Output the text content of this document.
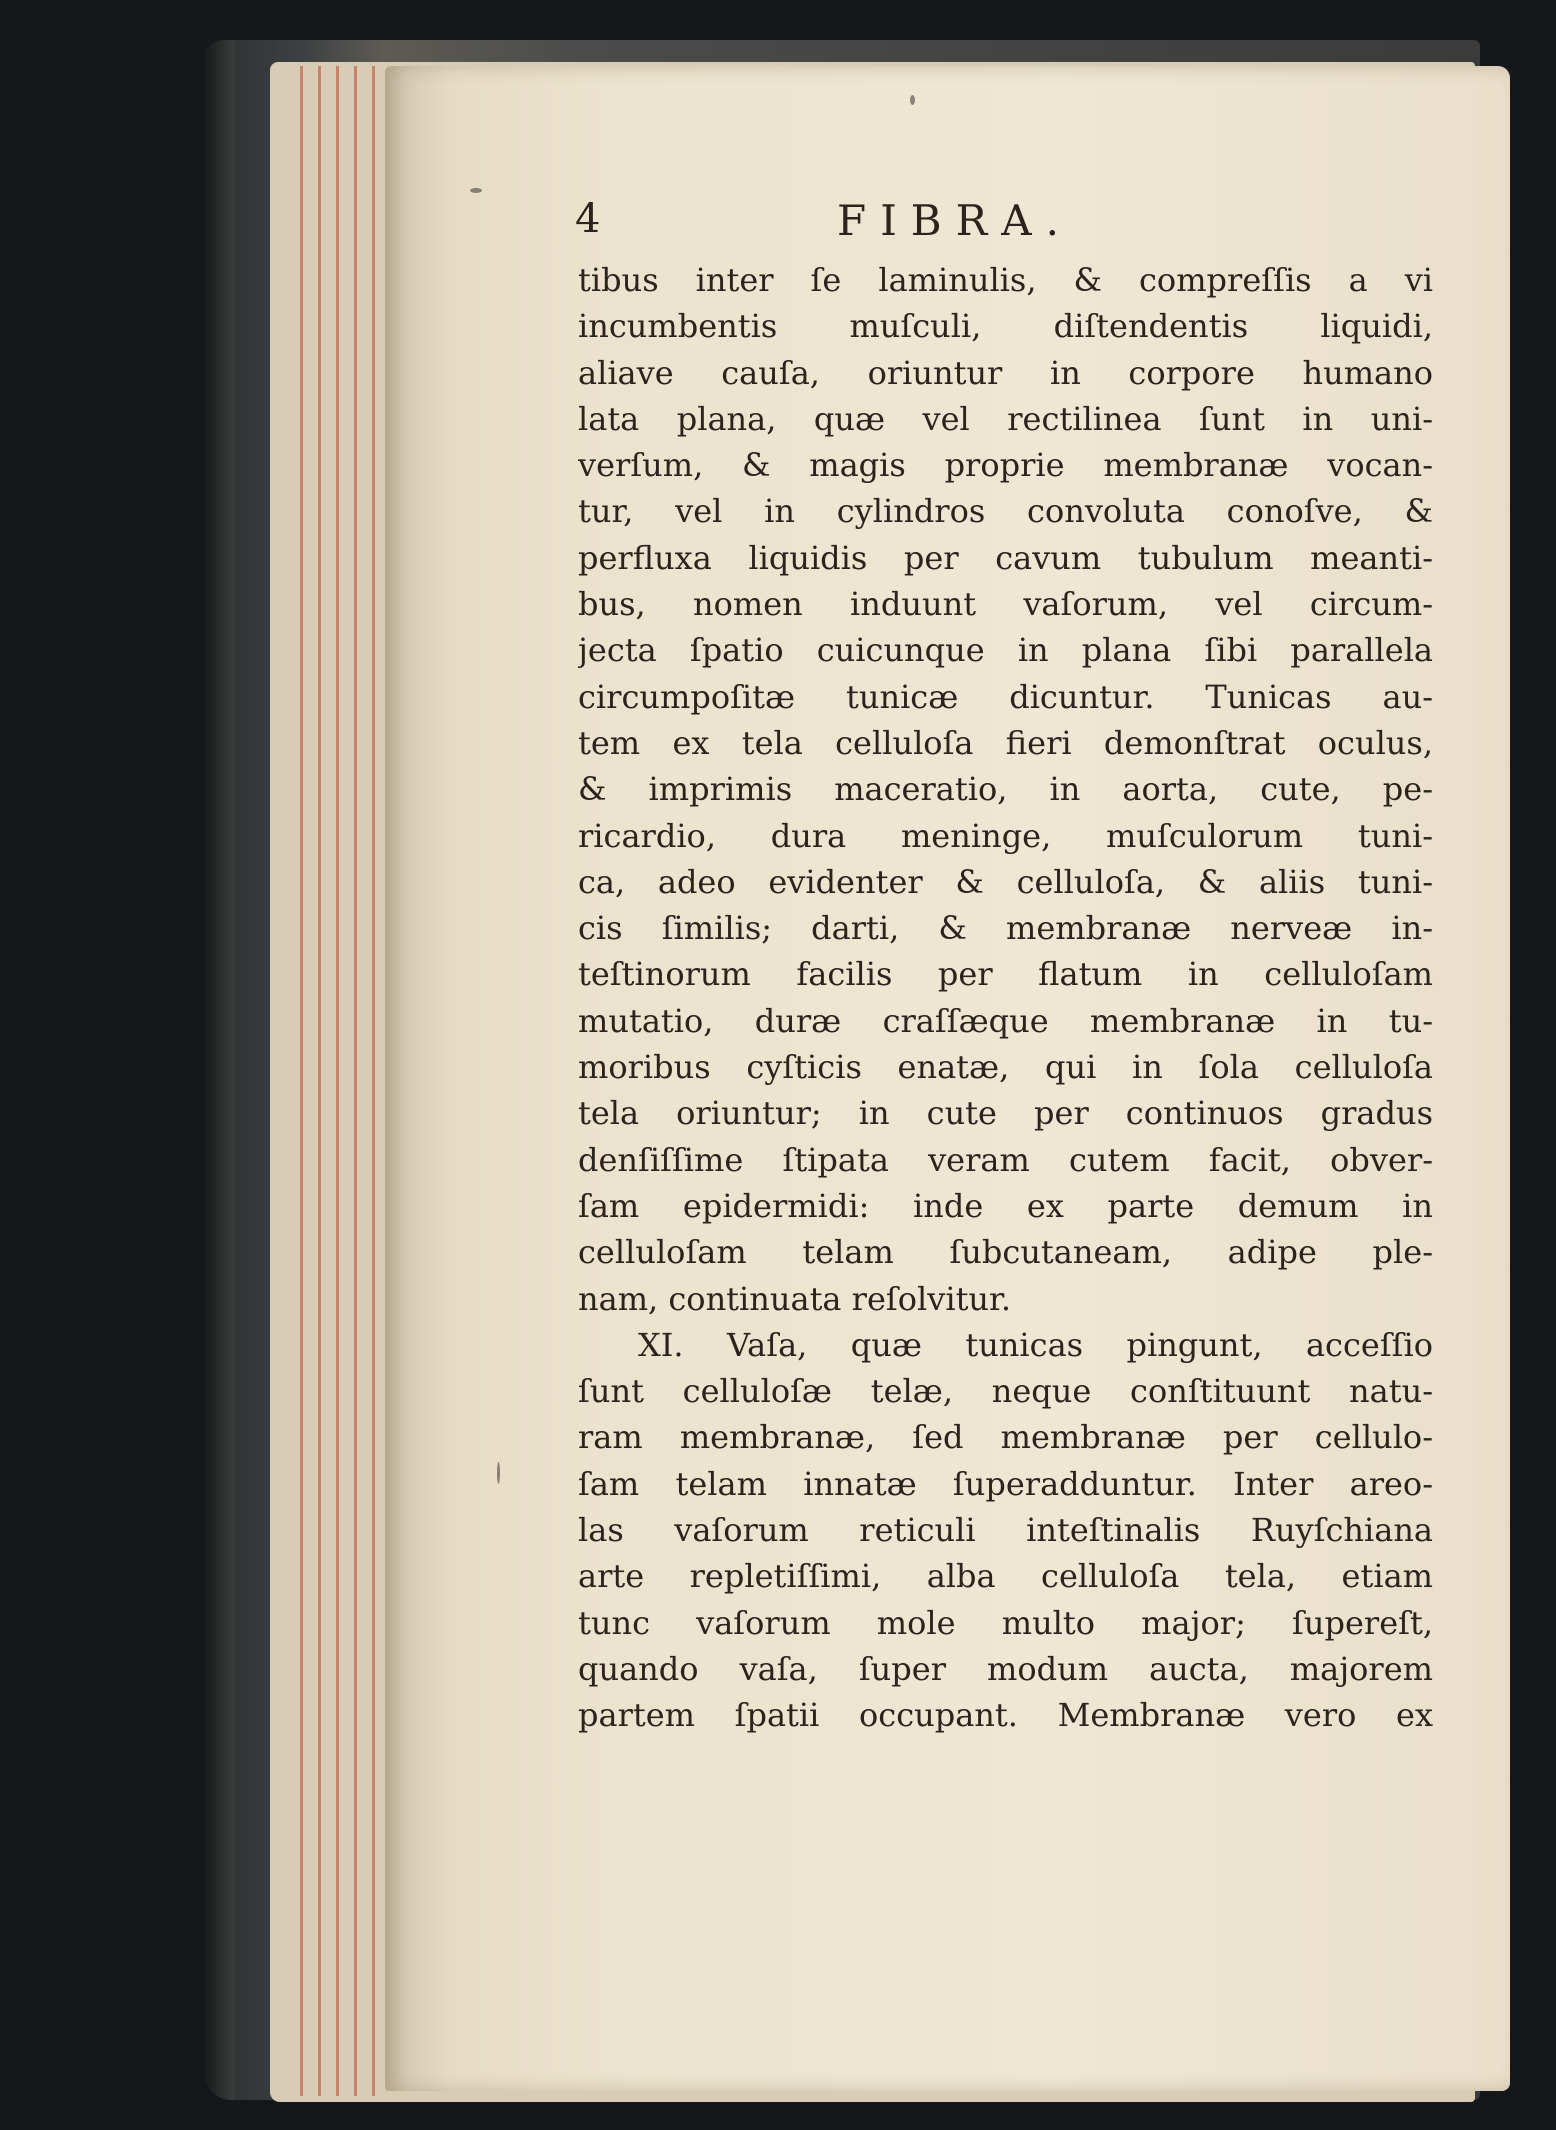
4	FIBRA.
tibus inter ſe laminulis, & compreſſis a vi
incumbentis muſculi, diſtendentis liquidi,
aliave cauſa, oriuntur in corpore humano
lata plana, quæ vel rectilinea ſunt in uni-
verſum, & magis proprie membranæ vocan-
tur, vel in cylindros convoluta conoſve, &
perfluxa liquidis per cavum tubulum meanti-
bus, nomen induunt vaſorum, vel circum-
jecta ſpatio cuicunque in plana ſibi parallela
circumpoſitæ tunicæ dicuntur. Tunicas au-
tem ex tela celluloſa fieri demonſtrat oculus,
& imprimis maceratio, in aorta, cute, pe-
ricardio, dura meninge, muſculorum tuni-
ca, adeo evidenter & celluloſa, & aliis tuni-
cis ſimilis; darti, & membranæ nerveæ in-
teſtinorum facilis per flatum in celluloſam
mutatio, duræ craſſæque membranæ in tu-
moribus cyſticis enatæ, qui in ſola celluloſa
tela oriuntur; in cute per continuos gradus
denſiſſime ſtipata veram cutem facit, obver-
ſam epidermidi: inde ex parte demum in
celluloſam telam ſubcutaneam, adipe ple-
nam, continuata reſolvitur.
XI. Vaſa, quæ tunicas pingunt, acceſſio
ſunt celluloſæ telæ, neque conſtituunt natu-
ram membranæ, ſed membranæ per cellulo-
ſam telam innatæ ſuperadduntur. Inter areo-
las vaſorum reticuli inteſtinalis Ruyſchiana
arte repletiſſimi, alba celluloſa tela, etiam
tunc vaſorum mole multo major; ſupereſt,
quando vaſa, ſuper modum aucta, majorem
partem ſpatii occupant. Membranæ vero ex
